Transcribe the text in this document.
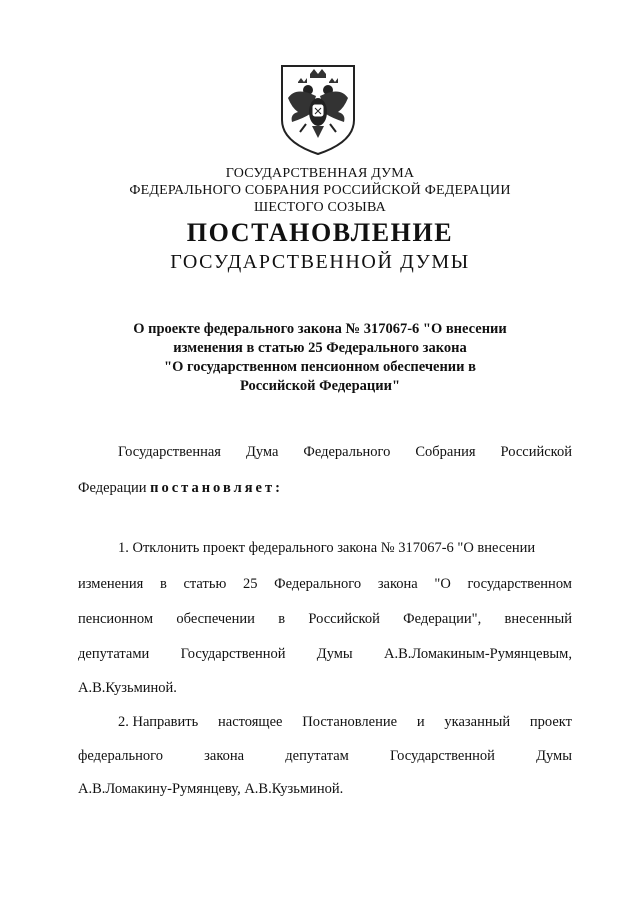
ГОСУДАРСТВЕННАЯ ДУМА
ФЕДЕРАЛЬНОГО СОБРАНИЯ РОССИЙСКОЙ ФЕДЕРАЦИИ
ШЕСТОГО СОЗЫВА
ПОСТАНОВЛЕНИЕ
ГОСУДАРСТВЕННОЙ ДУМЫ
О проекте федерального закона № 317067-6 "О внесении
изменения в статью 25 Федерального закона
"О государственном пенсионном обеспечении в
Российской Федерации"
Государственная Дума Федерального Собрания Российской
Федерации постановляет:
1. Отклонить проект федерального закона № 317067-6 "О внесении
изменения в статью 25 Федерального закона "О государственном
пенсионном обеспечении в Российской Федерации", внесенный
депутатами Государственной Думы А.В.Ломакиным-Румянцевым,
А.В.Кузьминой.
2. Направить настоящее Постановление и указанный проект
федерального	закона	депутатам	Государственной	Думы
А.В.Ломакину-Румянцеву, А.В.Кузьминой.
